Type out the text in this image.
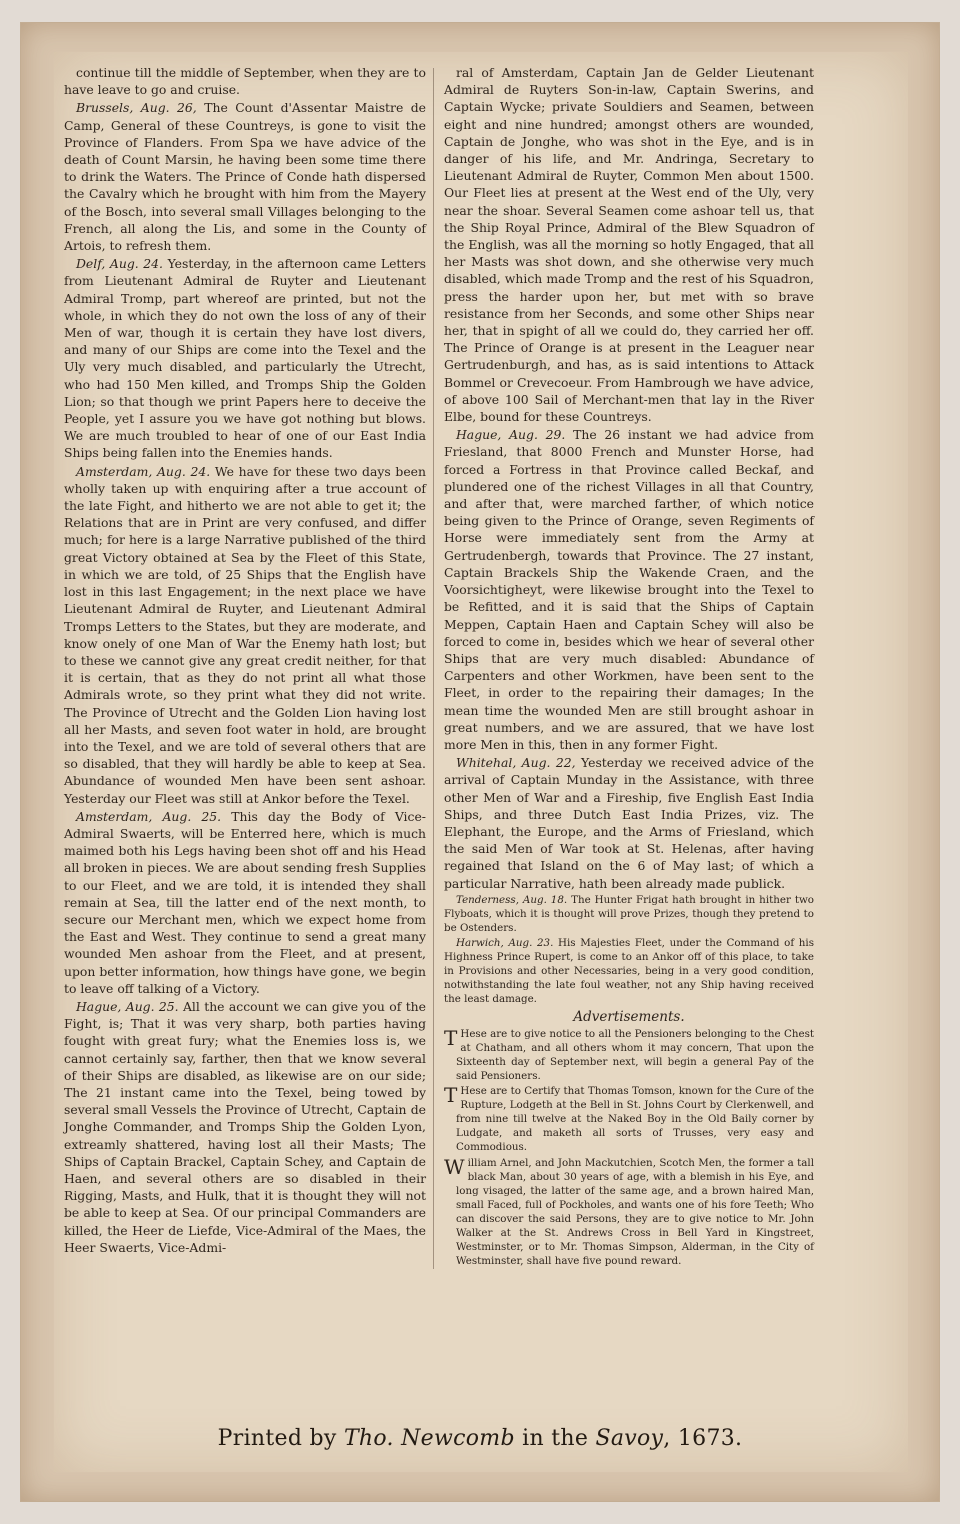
continue till the middle of September, when they are to have leave to go and cruise.

Brussels, Aug. 26, The Count d'Assentar Maistre de Camp, General of these Countreys, is gone to visit the Province of Flanders. From Spa we have advice of the death of Count Marsin, he having been some time there to drink the Waters. The Prince of Conde hath dispersed the Cavalry which he brought with him from the Mayery of the Bosch, into several small Villages belonging to the French, all along the Lis, and some in the County of Artois, to refresh them.

Delf, Aug. 24. Yesterday, in the afternoon came Letters from Lieutenant Admiral de Ruyter and Lieutenant Admiral Tromp, part whereof are printed, but not the whole, in which they do not own the loss of any of their Men of war, though it is certain they have lost divers, and many of our Ships are come into the Texel and the Uly very much disabled, and particularly the Utrecht, who had 150 Men killed, and Tromps Ship the Golden Lion; so that though we print Papers here to deceive the People, yet I assure you we have got nothing but blows. We are much troubled to hear of one of our East India Ships being fallen into the Enemies hands.

Amsterdam, Aug. 24. We have for these two days been wholly taken up with enquiring after a true account of the late Fight, and hitherto we are not able to get it; the Relations that are in Print are very confused, and differ much; for here is a large Narrative published of the third great Victory obtained at Sea by the Fleet of this State, in which we are told, of 25 Ships that the English have lost in this last Engagement; in the next place we have Lieutenant Admiral de Ruyter, and Lieutenant Admiral Tromps Letters to the States, but they are moderate, and know onely of one Man of War the Enemy hath lost; but to these we cannot give any great credit neither, for that it is certain, that as they do not print all what those Admirals wrote, so they print what they did not write. The Province of Utrecht and the Golden Lion having lost all her Masts, and seven foot water in hold, are brought into the Texel, and we are told of several others that are so disabled, that they will hardly be able to keep at Sea. Abundance of wounded Men have been sent ashoar. Yesterday our Fleet was still at Ankor before the Texel.

Amsterdam, Aug. 25. This day the Body of Vice-Admiral Swaerts, will be Enterred here, which is much maimed both his Legs having been shot off and his Head all broken in pieces. We are about sending fresh Supplies to our Fleet, and we are told, it is intended they shall remain at Sea, till the latter end of the next month, to secure our Merchant men, which we expect home from the East and West. They continue to send a great many wounded Men ashoar from the Fleet, and at present, upon better information, how things have gone, we begin to leave off talking of a Victory.

Hague, Aug. 25. All the account we can give you of the Fight, is; That it was very sharp, both parties having fought with great fury; what the Enemies loss is, we cannot certainly say, farther, then that we know several of their Ships are disabled, as likewise are on our side; The 21 instant came into the Texel, being towed by several small Vessels the Province of Utrecht, Captain de Jonghe Commander, and Tromps Ship the Golden Lyon, extreamly shattered, having lost all their Masts; The Ships of Captain Brackel, Captain Schey, and Captain de Haen, and several others are so disabled in their Rigging, Masts, and Hulk, that it is thought they will not be able to keep at Sea. Of our principal Commanders are killed, the Heer de Liefde, Vice-Admiral of the Maes, the Heer Swaerts, Vice-Admi-

ral of Amsterdam, Captain Jan de Gelder Lieutenant Admiral de Ruyters Son-in-law, Captain Swerins, and Captain Wycke; private Souldiers and Seamen, between eight and nine hundred; amongst others are wounded, Captain de Jonghe, who was shot in the Eye, and is in danger of his life, and Mr. Andringa, Secretary to Lieutenant Admiral de Ruyter, Common Men about 1500. Our Fleet lies at present at the West end of the Uly, very near the shoar. Several Seamen come ashoar tell us, that the Ship Royal Prince, Admiral of the Blew Squadron of the English, was all the morning so hotly Engaged, that all her Masts was shot down, and she otherwise very much disabled, which made Tromp and the rest of his Squadron, press the harder upon her, but met with so brave resistance from her Seconds, and some other Ships near her, that in spight of all we could do, they carried her off. The Prince of Orange is at present in the Leaguer near Gertrudenburgh, and has, as is said intentions to Attack Bommel or Crevecoeur. From Hambrough we have advice, of above 100 Sail of Merchant-men that lay in the River Elbe, bound for these Countreys.

Hague, Aug. 29. The 26 instant we had advice from Friesland, that 8000 French and Munster Horse, had forced a Fortress in that Province called Beckaf, and plundered one of the richest Villages in all that Country, and after that, were marched farther, of which notice being given to the Prince of Orange, seven Regiments of Horse were immediately sent from the Army at Gertrudenbergh, towards that Province. The 27 instant, Captain Brackels Ship the Wakende Craen, and the Voorsichtigheyt, were likewise brought into the Texel to be Refitted, and it is said that the Ships of Captain Meppen, Captain Haen and Captain Schey will also be forced to come in, besides which we hear of several other Ships that are very much disabled: Abundance of Carpenters and other Workmen, have been sent to the Fleet, in order to the repairing their damages; In the mean time the wounded Men are still brought ashoar in great numbers, and we are assured, that we have lost more Men in this, then in any former Fight.

Whitehal, Aug. 22, Yesterday we received advice of the arrival of Captain Munday in the Assistance, with three other Men of War and a Fireship, five English East India Ships, and three Dutch East India Prizes, viz. The Elephant, the Europe, and the Arms of Friesland, which the said Men of War took at St. Helenas, after having regained that Island on the 6 of May last; of which a particular Narrative, hath been already made publick.

Tenderness, Aug. 18. The Hunter Frigat hath brought in hither two Flyboats, which it is thought will prove Prizes, though they pretend to be Ostenders.

Harwich, Aug. 23. His Majesties Fleet, under the Command of his Highness Prince Rupert, is come to an Ankor off of this place, to take in Provisions and other Necessaries, being in a very good condition, notwithstanding the late foul weather, not any Ship having received the least damage.

Advertisements.

T Hese are to give notice to all the Pensioners belonging to the Chest at Chatham, and all others whom it may concern, That upon the Sixteenth day of September next, will begin a general Pay of the said Pensioners.

T Hese are to Certify that Thomas Tomson, known for the Cure of the Rupture, Lodgeth at the Bell in St. Johns Court by Clerkenwell, and from nine till twelve at the Naked Boy in the Old Baily corner by Ludgate, and maketh all sorts of Trusses, very easy and Commodious.

William Arnel, and John Mackutchien, Scotch Men, the former a tall black Man, about 30 years of age, with a blemish in his Eye, and long visaged, the latter of the same age, and a brown haired Man, small Faced, full of Pockholes, and wants one of his fore Teeth; Who can discover the said Persons, they are to give notice to Mr. John Walker at the St. Andrews Cross in Bell Yard in Kingstreet, Westminster, or to Mr. Thomas Simpson, Alderman, in the City of Westminster, shall have five pound reward.

Printed by Tho. Newcomb in the Savoy, 1673.
